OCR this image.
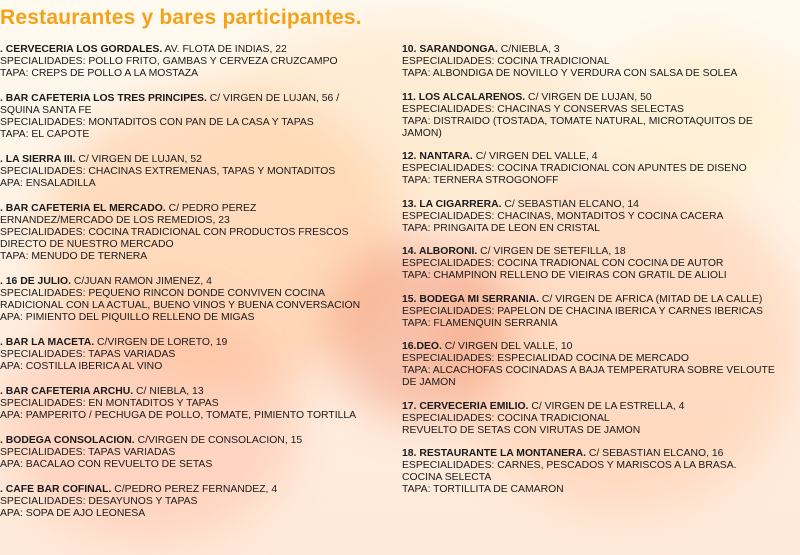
Restaurantes y bares participantes.

. CERVECERIA LOS GORDALES. AV. FLOTA DE INDIAS, 22

SPECIALIDADES: POLLO FRITO, GAMBAS Y CERVEZA CRUZCAMPO

TAPA: CREPS DE POLLO A LA MOSTAZA

. BAR CAFETERIA LOS TRES PRINCIPES. C/ VIRGEN DE LUJÁN, 56 /

SQUINA SANTA FE

SPECIALIDADES: MONTADITOS CON PAN DE LA CASA Y TAPAS

TAPA: EL CAPOTE

. LA SIERRA III. C/ VIRGEN DE LUJÁN, 52

SPECIALIDADES: CHACINAS EXTREMEÑAS, TAPAS Y MONTADITOS

APA: ENSALADILLA

. BAR CAFETERIA EL MERCADO. C/ PEDRO PÉREZ

ERNÁNDEZ/MERCADO DE LOS REMEDIOS, 23

SPECIALIDADES: COCINA TRADICIONAL CON PRODUCTOS FRESCOS

DIRECTO DE NUESTRO MERCADO

TAPA: MENUDO DE TERNERA

. 16 DE JULIO. C/JUAN RAMÓN JIMÉNEZ, 4

SPECIALIDADES: PEQUEÑO RINCÓN DONDE CONVIVEN COCINA

RADICIONAL CON LA ACTUAL, BUENO VINOS Y BUENA CONVERSACIÓN

APA: PIMIENTO DEL PIQUILLO RELLENO DE MIGAS

. BAR LA MACETA. C/VIRGEN DE LORETO, 19

SPECIALIDADES: TAPAS VARIADAS

APA: COSTILLA IBERICA AL VINO

. BAR CAFETERIA ARCHU. C/ NIEBLA, 13

SPECIALIDADES: EN MONTADITOS Y TAPAS

APA: PAMPERITO / PECHUGA DE POLLO, TOMATE, PIMIENTO TORTILLA

. BODEGA CONSOLACIÓN. C/VIRGEN DE CONSOLACIÓN, 15

SPECIALIDADES: TAPAS VARIADAS

APA: BACALAO CON REVUELTO DE SETAS

. CAFÉ BAR COFIÑAL. C/PEDRO PEREZ FERNANDEZ, 4

SPECIALIDADES: DESAYUNOS Y TAPAS

APA: SOPA DE AJO LEONESA

10. SARANDONGA. C/NIEBLA, 3

ESPECIALIDADES: COCINA TRADICIONAL

TAPA: ALBONDIGA DE NOVILLO Y VERDURA CON SALSA DE SOLEÁ

11. LOS ALCALAREÑOS. C/ VIRGEN DE LUJÁN, 50

ESPECIALIDADES: CHACINAS Y CONSERVAS SELECTAS

TAPA: DISTRAIDO (TOSTADA, TOMATE NATURAL, MICROTAQUITOS DE

JAMÓN)

12. NANTARA. C/ VIRGEN DEL VALLE, 4

ESPECIALIDADES: COCINA TRADICIONAL CON APUNTES DE DISEÑO

TAPA: TERNERA STROGONOFF

13. LA CIGARRERA. C/ SEBASTIÁN ELCANO, 14

ESPECIALIDADES: CHACINAS, MONTADITOS Y COCINA CACERA

TAPA: PRINGAITA DE LEÓN EN CRISTAL

14. ALBORONÍ. C/ VIRGEN DE SETEFILLA, 18

ESPECIALIDADES: COCINA TRADIONAL CON COCINA DE AUTOR

TAPA: CHAMPIÑÓN RELLENO DE VIEIRAS CON GRATIL DE ALIOLI

15. BODEGA MI SERRANÍA. C/ VIRGEN DE ÁFRICA (MITAD DE LA CALLE)

ESPECIALIDADES: PAPELÓN DE CHACINA IBERICA Y CARNES IBERICAS

TAPA: FLAMENQUÍN SERRANÍA

16.DEÓ. C/ VIRGEN DEL VALLE, 10

ESPECIALIDADES: ESPECIALIDAD COCINA DE MERCADO

TAPA: ALCACHOFAS COCINADAS A BAJA TEMPERATURA SOBRE VELOUTE

DE JAMÓN

17. CERVECERÍA EMILIO. C/ VIRGEN DE LA ESTRELLA, 4

ESPECIALIDADES: COCINA TRADICIONAL

REVUELTO DE SETAS CON VIRUTAS DE JAMÓN

18. RESTAURANTE LA MONTANERA. C/ SEBASTIÁN ELCANO, 16

ESPECIALIDADES: CARNES, PESCADOS Y MARISCOS A LA BRASA.

COCINA SELECTA

TAPA: TORTILLITA DE CAMARÓN
